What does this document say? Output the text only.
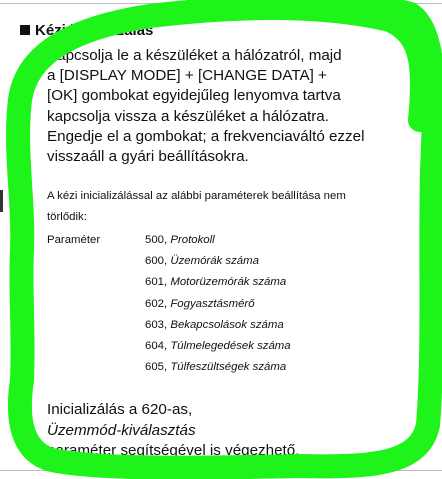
Kézi inicializálás

Kapcsolja le a készüléket a hálózatról, majd
a [DISPLAY MODE] + [CHANGE DATA] +
[OK] gombokat egyidejűleg lenyomva tartva
kapcsolja vissza a készüléket a hálózatra.
Engedje el a gombokat; a frekvenciaváltó ezzel
visszaáll a gyári beállításokra.

A kézi inicializálással az alábbi paraméterek beállítása nem
törlődik:
Paraméter	500, Protokoll
600, Üzemórák száma
601, Motorüzemórák száma
602, Fogyasztásmérő
603, Bekapcsolások száma
604, Túlmelegedések száma
605, Túlfeszültségek száma
Inicializálás a 620-as,
Üzemmód-kiválasztás
paraméter segítségével is végezhető.
